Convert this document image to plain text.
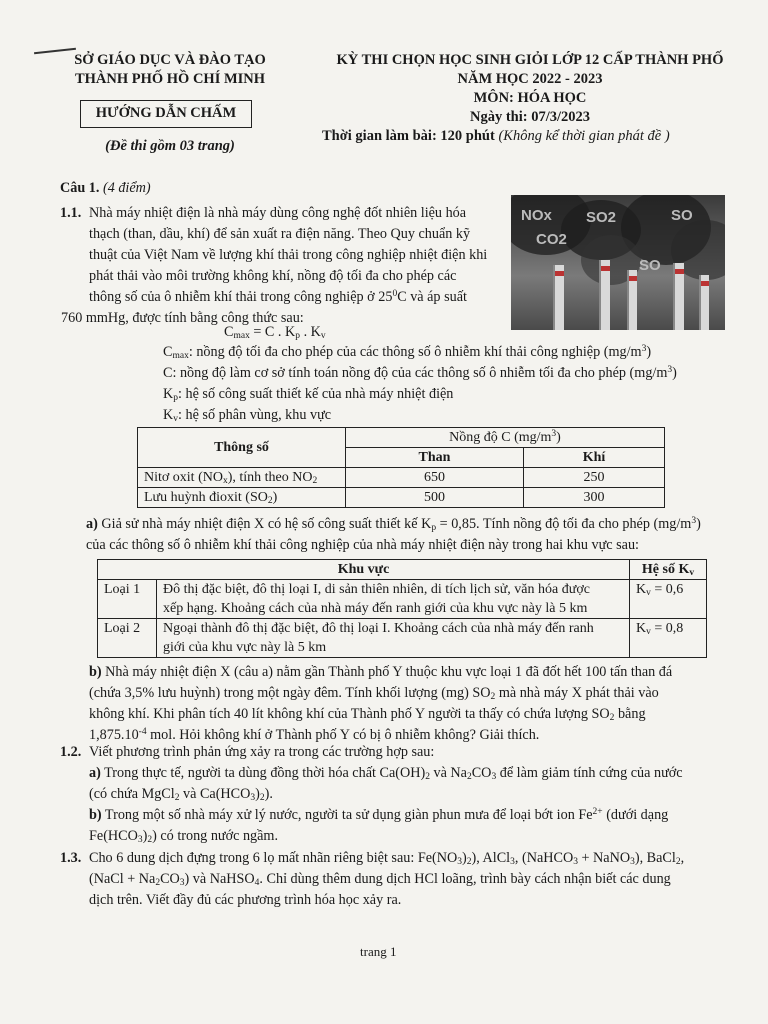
SỞ GIÁO DỤC VÀ ĐÀO TẠO
THÀNH PHỐ HỒ CHÍ MINH
HƯỚNG DẪN CHẤM
(Đề thi gồm 03 trang)
KỲ THI CHỌN HỌC SINH GIỎI LỚP 12 CẤP THÀNH PHỐ
NĂM HỌC 2022 - 2023
MÔN: HÓA HỌC
Ngày thi: 07/3/2023
Thời gian làm bài: 120 phút (Không kể thời gian phát đề )
Câu 1. (4 điểm)
1.1. Nhà máy nhiệt điện là nhà máy dùng công nghệ đốt nhiên liệu hóa
thạch (than, dầu, khí) để sản xuất ra điện năng. Theo Quy chuẩn kỹ
thuật của Việt Nam về lượng khí thải trong công nghiệp nhiệt điện khi
phát thải vào môi trường không khí, nồng độ tối đa cho phép các
thông số của ô nhiễm khí thải trong công nghiệp ở $25^0C$ và áp suất
760 mmHg, được tính bằng công thức sau:
NOx SO2
CO2
SO
SO
$C_{max} = C$ . $K_p$ . $K_v$
$C_{max}$: nồng độ tối đa cho phép của các thông số ô nhiễm khí thải công nghiệp $(mg/m^3)$
C: nồng độ làm cơ sở tính toán nồng độ của các thông số ô nhiễm tối đa cho phép $(mg/m^3)$
$K_p$: hệ số công suất thiết kế của nhà máy nhiệt điện
$K_v$: hệ số phân vùng, khu vực
Thông số	Nồng độ C $(mg/m^3)$	
	Than	Khí
Nitơ oxit $(NO_x)$, tính theo $NO_2$	650	250
Lưu huỳnh đioxit $(SO_2)$	500	300
a) Giả sử nhà máy nhiệt điện X có hệ số công suất thiết kế $K_p = 0,85$. Tính nồng độ tối đa cho phép $(mg/m^3)$
của các thông số ô nhiễm khí thải công nghiệp của nhà máy nhiệt điện này trong hai khu vực sau:
Khu vực		Hệ số $K_v$
Loại 1	Đô thị đặc biệt, đô thị loại I, di sản thiên nhiên, di tích lịch sử, văn hóa được
xếp hạng. Khoảng cách của nhà máy đến ranh giới của khu vực này là 5 km	$K_v = 0,6$
Loại 2	Ngoại thành đô thị đặc biệt, đô thị loại I. Khoảng cách của nhà máy đến ranh
giới của khu vực này là 5 km	$K_v = 0,8$
b) Nhà máy nhiệt điện X (câu a) nằm gần Thành phố Y thuộc khu vực loại 1 đã đốt hết 100 tấn than đá
(chứa 3,5% lưu huỳnh) trong một ngày đêm. Tính khối lượng (mg) $SO_2$ mà nhà máy X phát thải vào
không khí. Khi phân tích 40 lít không khí của Thành phố Y người ta thấy có chứa lượng $SO_2$ bằng
$1,875.10^{-4}$ mol. Hỏi không khí ở Thành phố Y có bị ô nhiễm không? Giải thích.
1.2. Viết phương trình phản ứng xảy ra trong các trường hợp sau:
a) Trong thực tế, người ta dùng đồng thời hóa chất $Ca(OH)_2$ và $Na_2CO_3$ để làm giảm tính cứng của nước
(có chứa MgCl$_2$ và $Ca(HCO_3)_2$).
b) Trong một số nhà máy xử lý nước, người ta sử dụng giàn phun mưa để loại bớt ion $Fe^{2+}$ (dưới dạng
$Fe(HCO_3)_2$) có trong nước ngầm.
1.3. Cho 6 dung dịch đựng trong 6 lọ mất nhãn riêng biệt sau: $Fe(NO_3)_2$), AlCl$_3$, (NaHCO$_3$ + NaNO$_3$), BaCl$_2$,
(NaCl + $Na_2CO_3$) và NaHSO$_4$. Chỉ dùng thêm dung dịch HCl loãng, trình bày cách nhận biết các dung
dịch trên. Viết đầy đủ các phương trình hóa học xảy ra.
trang 1
